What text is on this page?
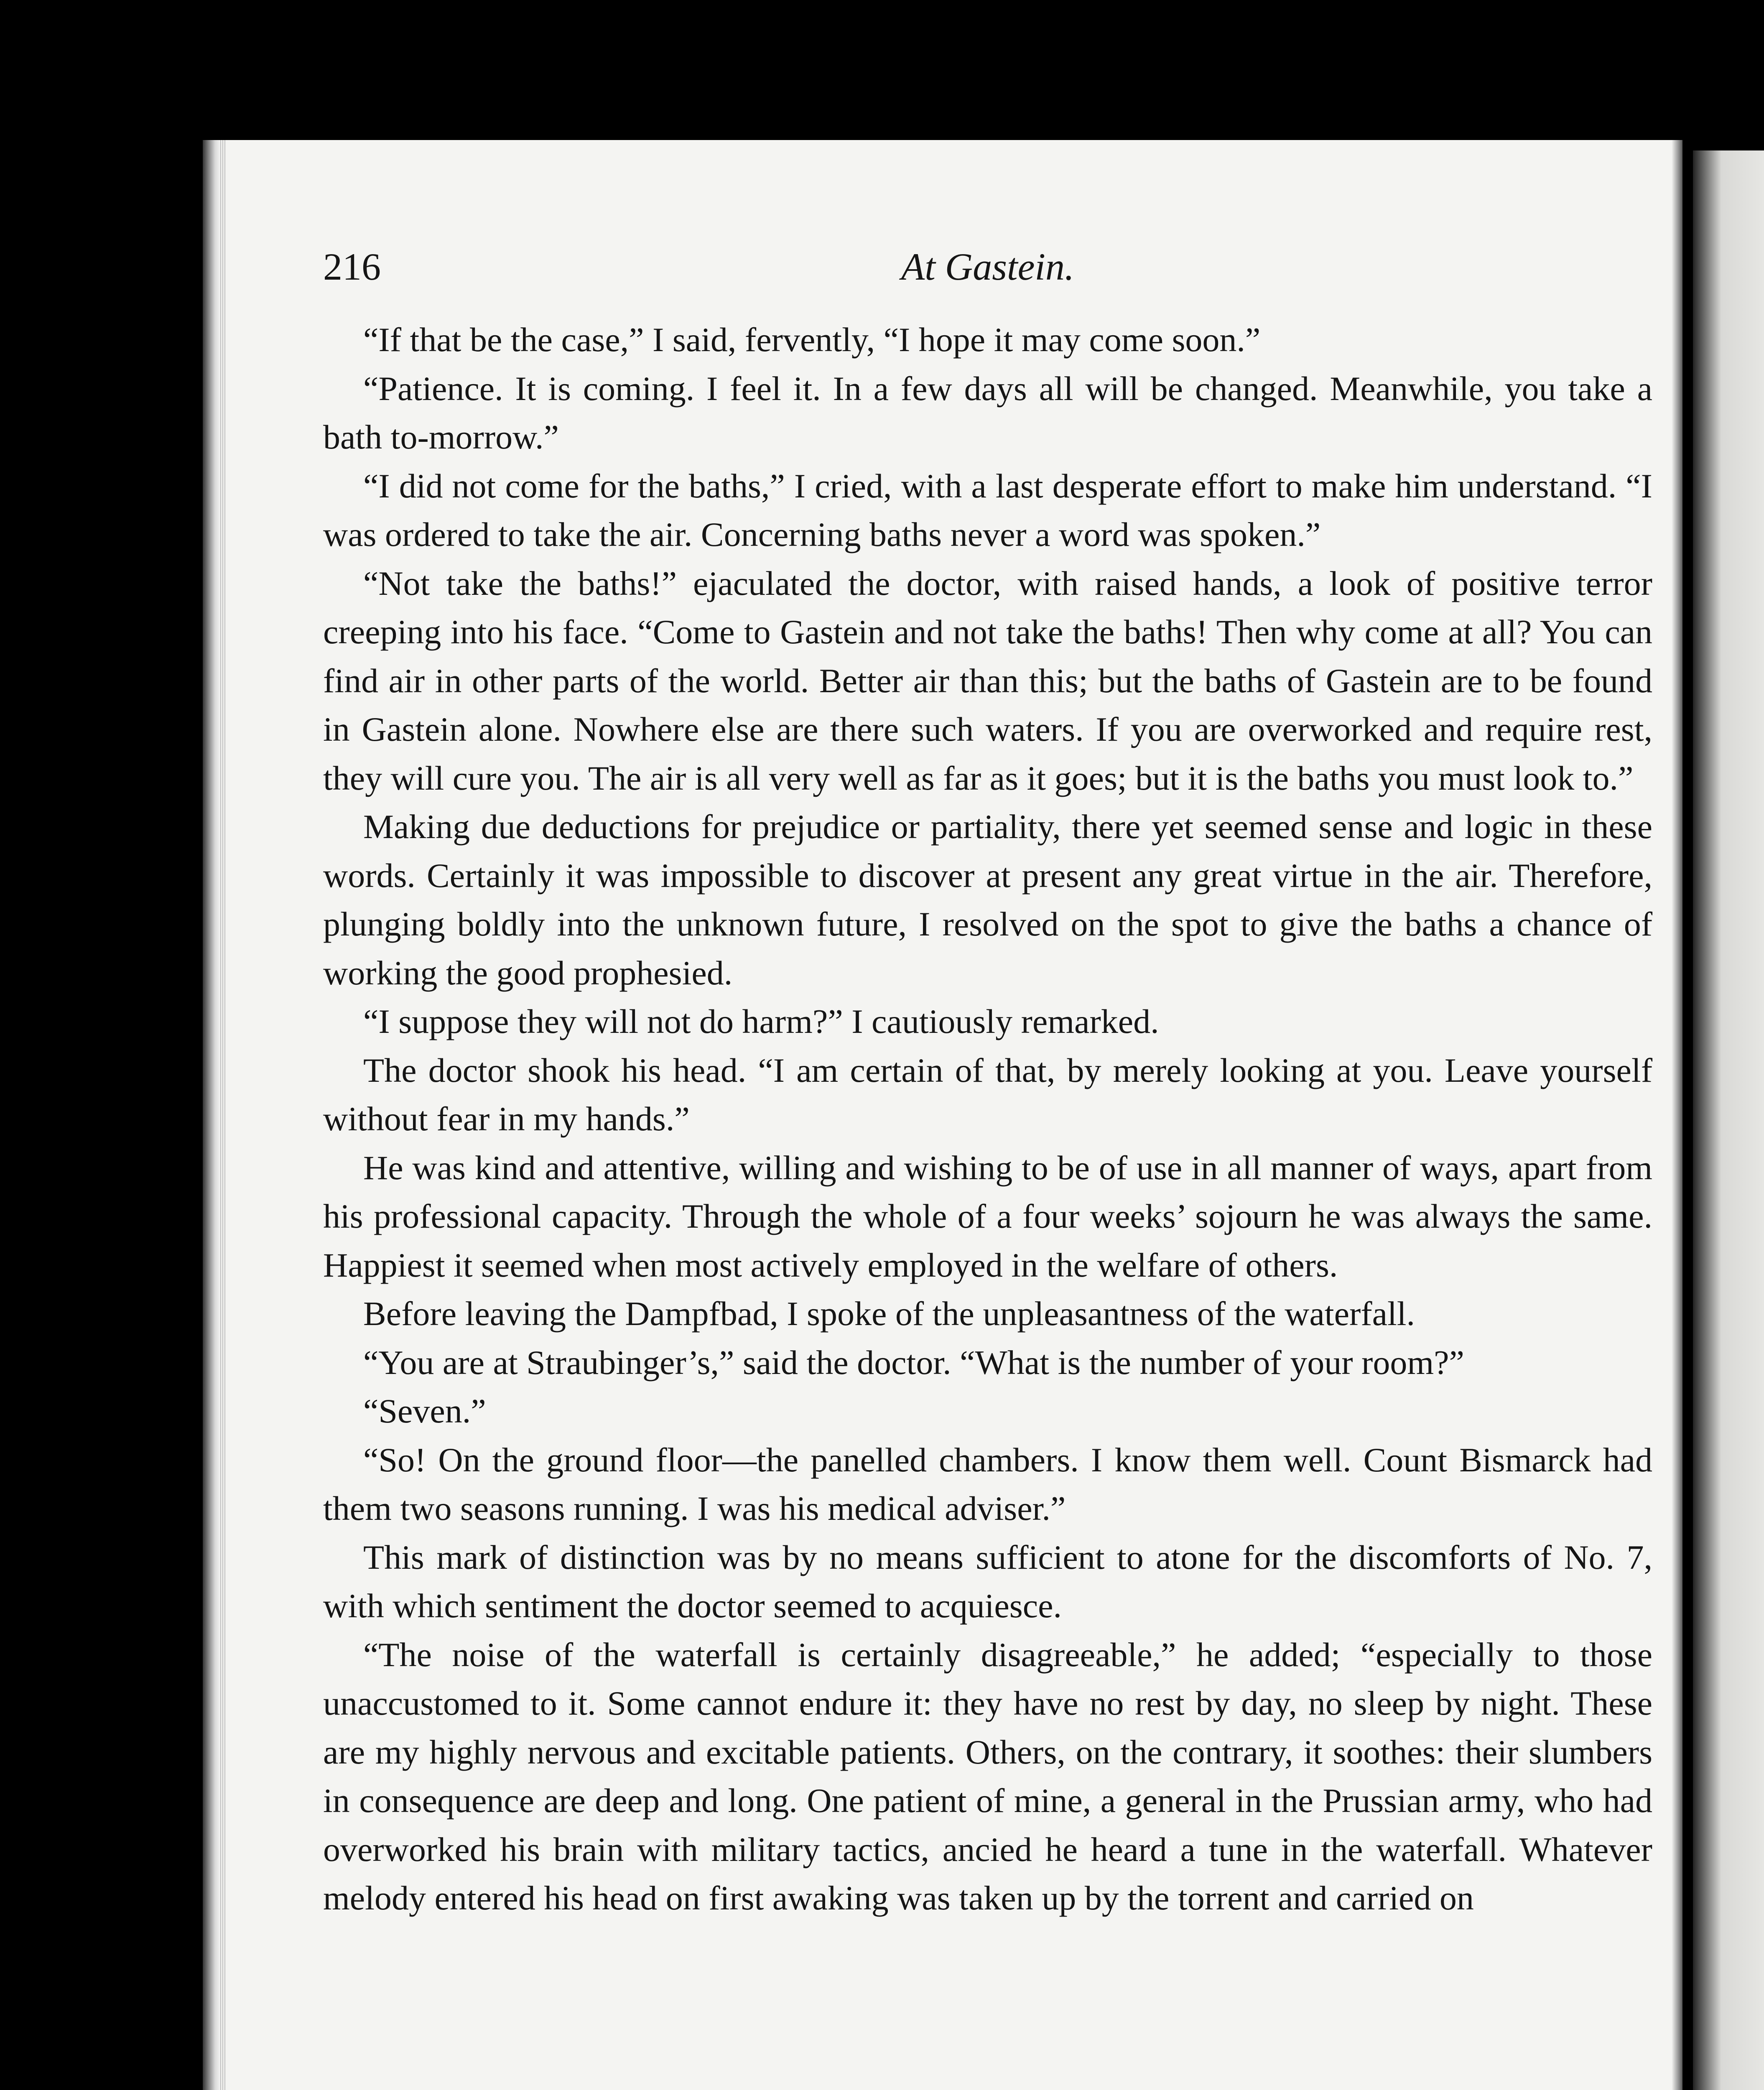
216	At Gastein.

“If that be the case,” I said, fervently, “I hope it may come soon.”

“Patience. It is coming. I feel it. In a few days all will be changed. Meanwhile, you take a bath to-morrow.”

“I did not come for the baths,” I cried, with a last desperate effort to make him understand. “I was ordered to take the air. Concerning baths never a word was spoken.”

“Not take the baths!” ejaculated the doctor, with raised hands, a look of positive terror creeping into his face. “Come to Gastein and not take the baths! Then why come at all? You can find air in other parts of the world. Better air than this; but the baths of Gastein are to be found in Gastein alone. Nowhere else are there such waters. If you are overworked and require rest, they will cure you. The air is all very well as far as it goes; but it is the baths you must look to.”

Making due deductions for prejudice or partiality, there yet seemed sense and logic in these words. Certainly it was impossible to discover at present any great virtue in the air. Therefore, plunging boldly into the unknown future, I resolved on the spot to give the baths a chance of working the good prophesied.

“I suppose they will not do harm?” I cautiously remarked.

The doctor shook his head. “I am certain of that, by merely looking at you. Leave yourself without fear in my hands.”

He was kind and attentive, willing and wishing to be of use in all manner of ways, apart from his professional capacity. Through the whole of a four weeks’ sojourn he was always the same. Happiest it seemed when most actively employed in the welfare of others.

Before leaving the Dampfbad, I spoke of the unpleasantness of the waterfall.

“You are at Straubinger’s,” said the doctor. “What is the number of your room?”

“Seven.”

“So! On the ground floor—the panelled chambers. I know them well. Count Bismarck had them two seasons running. I was his medical adviser.”

This mark of distinction was by no means sufficient to atone for the discomforts of No. 7, with which sentiment the doctor seemed to acquiesce.

“The noise of the waterfall is certainly disagreeable,” he added; “especially to those unaccustomed to it. Some cannot endure it: they have no rest by day, no sleep by night. These are my highly nervous and excitable patients. Others, on the contrary, it soothes: their slumbers in consequence are deep and long. One patient of mine, a general in the Prussian army, who had overworked his brain with military tactics, ancied he heard a tune in the waterfall. Whatever melody entered his head on first awaking was taken up by the torrent and carried on
